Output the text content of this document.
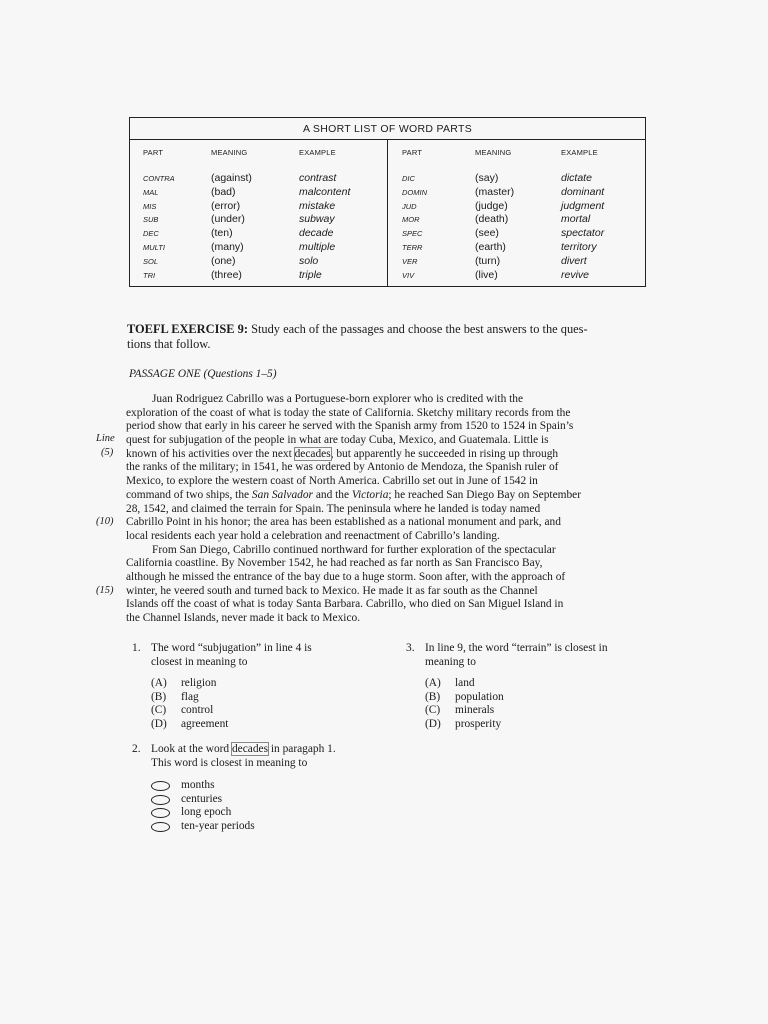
A SHORT LIST OF WORD PARTS
PART	MEANING	EXAMPLE
CONTRA	(against)	contrast
MAL	(bad)	malcontent
MIS	(error)	mistake
SUB	(under)	subway
DEC	(ten)	decade
MULTI	(many)	multiple
SOL	(one)	solo
TRI	(three)	triple
PART	MEANING	EXAMPLE
DIC	(say)	dictate
DOMIN	(master)	dominant
JUD	(judge)	judgment
MOR	(death)	mortal
SPEC	(see)	spectator
TERR	(earth)	territory
VER	(turn)	divert
VIV	(live)	revive
TOEFL EXERCISE 9: Study each of the passages and choose the best answers to the ques-
tions that follow.
PASSAGE ONE (Questions 1–5)
Line
(5)
(10)
(15)
Juan Rodriguez Cabrillo was a Portuguese-born explorer who is credited with the
exploration of the coast of what is today the state of California. Sketchy military records from the
period show that early in his career he served with the Spanish army from 1520 to 1524 in Spain’s
quest for subjugation of the people in what are today Cuba, Mexico, and Guatemala. Little is
known of his activities over the next decades, but apparently he succeeded in rising up through
the ranks of the military; in 1541, he was ordered by Antonio de Mendoza, the Spanish ruler of
Mexico, to explore the western coast of North America. Cabrillo set out in June of 1542 in
command of two ships, the San Salvador and the Victoria; he reached San Diego Bay on September
28, 1542, and claimed the terrain for Spain. The peninsula where he landed is today named
Cabrillo Point in his honor; the area has been established as a national monument and park, and
local residents each year hold a celebration and reenactment of Cabrillo’s landing.
From San Diego, Cabrillo continued northward for further exploration of the spectacular
California coastline. By November 1542, he had reached as far north as San Francisco Bay,
although he missed the entrance of the bay due to a huge storm. Soon after, with the approach of
winter, he veered south and turned back to Mexico. He made it as far south as the Channel
Islands off the coast of what is today Santa Barbara. Cabrillo, who died on San Miguel Island in
the Channel Islands, never made it back to Mexico.
1. The word “subjugation” in line 4 is
closest in meaning to
(A) religion
(B) flag
(C) control
(D) agreement
2. Look at the word decades in paragaph 1.
This word is closest in meaning to
months
centuries
long epoch
ten-year periods
3. In line 9, the word “terrain” is closest in
meaning to
(A) land
(B) population
(C) minerals
(D) prosperity
